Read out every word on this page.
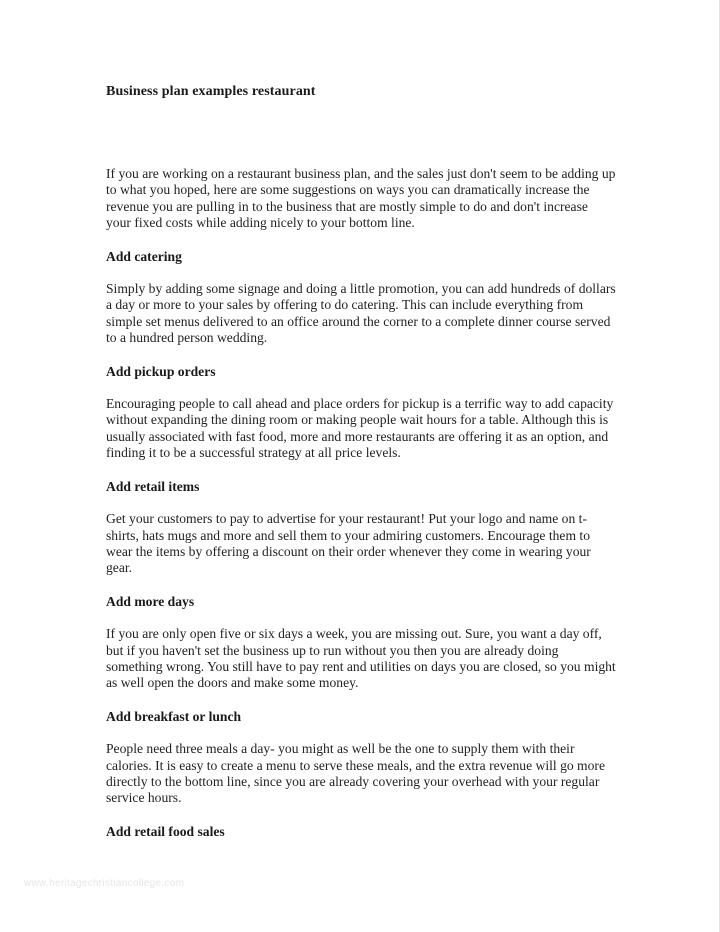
Business plan examples restaurant

If you are working on a restaurant business plan, and the sales just don't seem to be adding up to what you hoped, here are some suggestions on ways you can dramatically increase the revenue you are pulling in to the business that are mostly simple to do and don't increase your fixed costs while adding nicely to your bottom line.

Add catering

Simply by adding some signage and doing a little promotion, you can add hundreds of dollars a day or more to your sales by offering to do catering. This can include everything from simple set menus delivered to an office around the corner to a complete dinner course served to a hundred person wedding.

Add pickup orders

Encouraging people to call ahead and place orders for pickup is a terrific way to add capacity without expanding the dining room or making people wait hours for a table. Although this is usually associated with fast food, more and more restaurants are offering it as an option, and finding it to be a successful strategy at all price levels.

Add retail items

Get your customers to pay to advertise for your restaurant! Put your logo and name on t-shirts, hats mugs and more and sell them to your admiring customers. Encourage them to wear the items by offering a discount on their order whenever they come in wearing your gear.

Add more days

If you are only open five or six days a week, you are missing out. Sure, you want a day off, but if you haven't set the business up to run without you then you are already doing something wrong. You still have to pay rent and utilities on days you are closed, so you might as well open the doors and make some money.

Add breakfast or lunch

People need three meals a day- you might as well be the one to supply them with their calories. It is easy to create a menu to serve these meals, and the extra revenue will go more directly to the bottom line, since you are already covering your overhead with your regular service hours.

Add retail food sales
www.heritagechristiancollege.com
